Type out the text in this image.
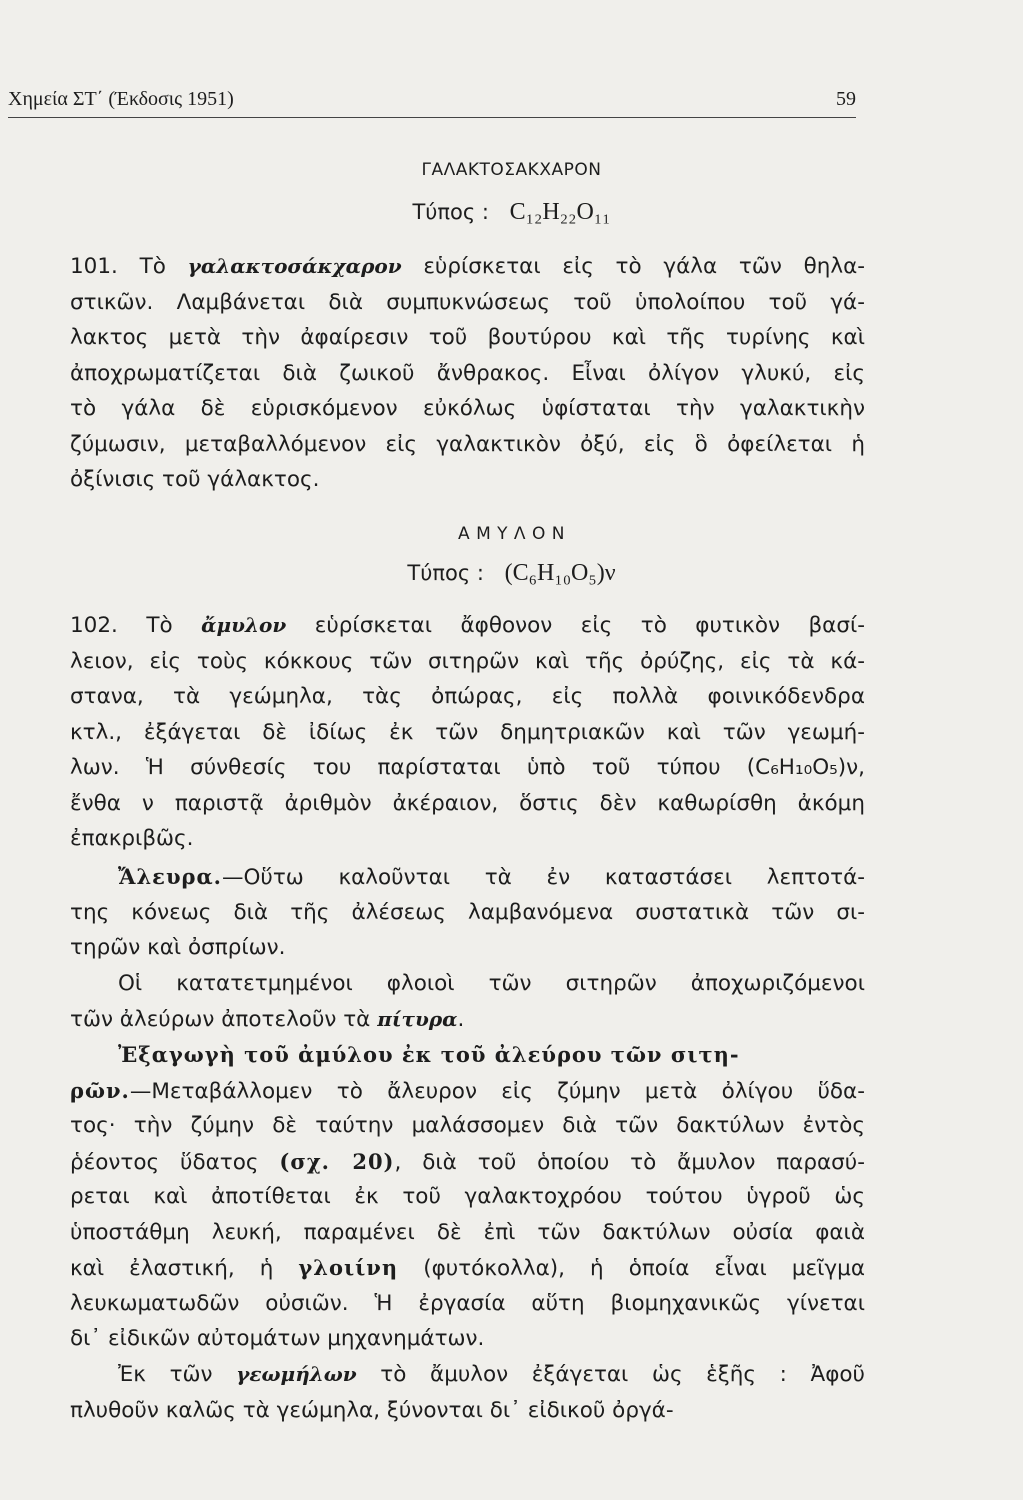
Χημεία ΣΤ΄ (Έκδοσις 1951)	59
ΓΑΛΑΚΤΟΣΑΚΧΑΡΟΝ
Τύπος : C₁₂H₂₂O₁₁
101. Τὸ γαλακτοσάκχαρον εὑρίσκεται εἰς τὸ γάλα τῶν θηλα-
στικῶν. Λαμβάνεται διὰ συμπυκνώσεως τοῦ ὑπολοίπου τοῦ γά-
λακτος μετὰ τὴν ἀφαίρεσιν τοῦ βουτύρου καὶ τῆς τυρίνης καὶ
ἀποχρωματίζεται διὰ ζωικοῦ ἄνθρακος. Εἶναι ὀλίγον γλυκύ, εἰς
τὸ γάλα δὲ εὑρισκόμενον εὐκόλως ὑφίσταται τὴν γαλακτικὴν
ζύμωσιν, μεταβαλλόμενον εἰς γαλακτικὸν ὀξύ, εἰς ὃ ὀφείλεται ἡ
ὀξίνισις τοῦ γάλακτος.
Α Μ Υ Λ Ο Ν
Τύπος : (C₆H₁₀O₅)ν
102. Τὸ ἄμυλον εὑρίσκεται ἄφθονον εἰς τὸ φυτικὸν βασί-
λειον, εἰς τοὺς κόκκους τῶν σιτηρῶν καὶ τῆς ὀρύζης, εἰς τὰ κά-
στανα, τὰ γεώμηλα, τὰς ὀπώρας, εἰς πολλὰ φοινικόδενδρα
κτλ., ἐξάγεται δὲ ἰδίως ἐκ τῶν δημητριακῶν καὶ τῶν γεωμή-
λων. Ἡ σύνθεσίς του παρίσταται ὑπὸ τοῦ τύπου (C₆H₁₀O₅)ν,
ἔνθα ν παριστᾷ ἀριθμὸν ἀκέραιον, ὅστις δὲν καθωρίσθη ἀκόμη
ἐπακριβῶς.
Ἄλευρα.—Οὕτω καλοῦνται τὰ ἐν καταστάσει λεπτοτά-
της κόνεως διὰ τῆς ἀλέσεως λαμβανόμενα συστατικὰ τῶν σι-
τηρῶν καὶ ὀσπρίων.
Οἱ κατατετμημένοι φλοιοὶ τῶν σιτηρῶν ἀποχωριζόμενοι
τῶν ἀλεύρων ἀποτελοῦν τὰ πίτυρα.
Ἐξαγωγὴ τοῦ ἀμύλου ἐκ τοῦ ἀλεύρου τῶν σιτη-
ρῶν.—Μεταβάλλομεν τὸ ἄλευρον εἰς ζύμην μετὰ ὀλίγου ὕδα-
τος· τὴν ζύμην δὲ ταύτην μαλάσσομεν διὰ τῶν δακτύλων ἐντὸς
ῥέοντος ὕδατος (σχ. 20), διὰ τοῦ ὁποίου τὸ ἄμυλον παρασύ-
ρεται καὶ ἀποτίθεται ἐκ τοῦ γαλακτοχρόου τούτου ὑγροῦ ὡς
ὑποστάθμη λευκή, παραμένει δὲ ἐπὶ τῶν δακτύλων οὐσία φαιὰ
καὶ ἐλαστική, ἡ γλοιίνη (φυτόκολλα), ἡ ὁποία εἶναι μεῖγμα
λευκωματωδῶν οὐσιῶν. Ἡ ἐργασία αὕτη βιομηχανικῶς γίνεται
δι᾽ εἰδικῶν αὐτομάτων μηχανημάτων.
Ἐκ τῶν γεωμήλων τὸ ἄμυλον ἐξάγεται ὡς ἑξῆς : Ἀφοῦ
πλυθοῦν καλῶς τὰ γεώμηλα, ξύνονται δι᾽ εἰδικοῦ ὀργά-
